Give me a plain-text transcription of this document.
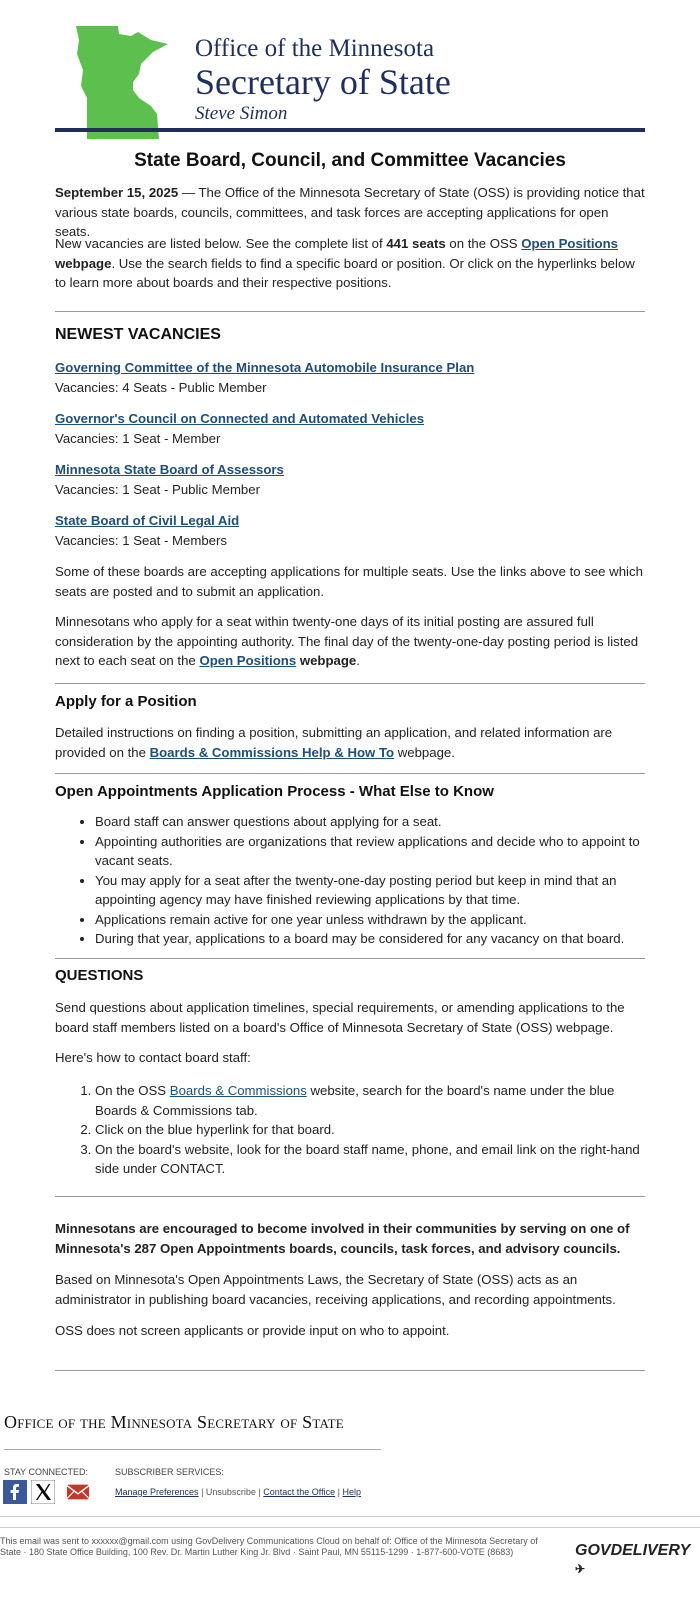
Office of the Minnesota
Secretary of State
Steve Simon
State Board, Council, and Committee Vacancies

September 15, 2025 — The Office of the Minnesota Secretary of State (OSS) is providing notice that various state boards, councils, committees, and task forces are accepting applications for open seats.

New vacancies are listed below. See the complete list of 441 seats on the OSS Open Positions webpage. Use the search fields to find a specific board or position. Or click on the hyperlinks below to learn more about boards and their respective positions.

NEWEST VACANCIES

Governing Committee of the Minnesota Automobile Insurance Plan

Vacancies: 4 Seats - Public Member

Governor's Council on Connected and Automated Vehicles

Vacancies: 1 Seat - Member

Minnesota State Board of Assessors

Vacancies: 1 Seat - Public Member

State Board of Civil Legal Aid

Vacancies: 1 Seat - Members

Some of these boards are accepting applications for multiple seats. Use the links above to see which seats are posted and to submit an application.

Minnesotans who apply for a seat within twenty-one days of its initial posting are assured full consideration by the appointing authority. The final day of the twenty-one-day posting period is listed next to each seat on the Open Positions webpage.

Apply for a Position

Detailed instructions on finding a position, submitting an application, and related information are provided on the Boards & Commissions Help & How To webpage.

Open Appointments Application Process - What Else to Know
• Board staff can answer questions about applying for a seat.
• Appointing authorities are organizations that review applications and decide who to appoint to vacant seats.
• You may apply for a seat after the twenty-one-day posting period but keep in mind that an appointing agency may have finished reviewing applications by that time.
• Applications remain active for one year unless withdrawn by the applicant.
• During that year, applications to a board may be considered for any vacancy on that board.
QUESTIONS

Send questions about application timelines, special requirements, or amending applications to the board staff members listed on a board's Office of Minnesota Secretary of State (OSS) webpage.

Here's how to contact board staff:

1. On the OSS Boards & Commissions website, search for the board's name under the blue Boards & Commissions tab.
2. Click on the blue hyperlink for that board.
3. On the board's website, look for the board staff name, phone, and email link on the right-hand side under CONTACT.

Minnesotans are encouraged to become involved in their communities by serving on one of Minnesota's 287 Open Appointments boards, councils, task forces, and advisory councils.

Based on Minnesota's Open Appointments Laws, the Secretary of State (OSS) acts as an administrator in publishing board vacancies, receiving applications, and recording appointments.

OSS does not screen applicants or provide input on who to appoint.

Office of the Minnesota Secretary of State
STAY CONNECTED:	SUBSCRIBER SERVICES:
Manage Preferences | Unsubscribe | Contact the Office | Help
This email was sent to xxxxxx@gmail.com using GovDelivery Communications Cloud on behalf of: Office of the Minnesota Secretary of State · 180 State Office Building, 100 Rev. Dr. Martin Luther King Jr. Blvd · Saint Paul, MN 55115-1299 · 1-877-600-VOTE (8683)	GOVDELIVERY✈
